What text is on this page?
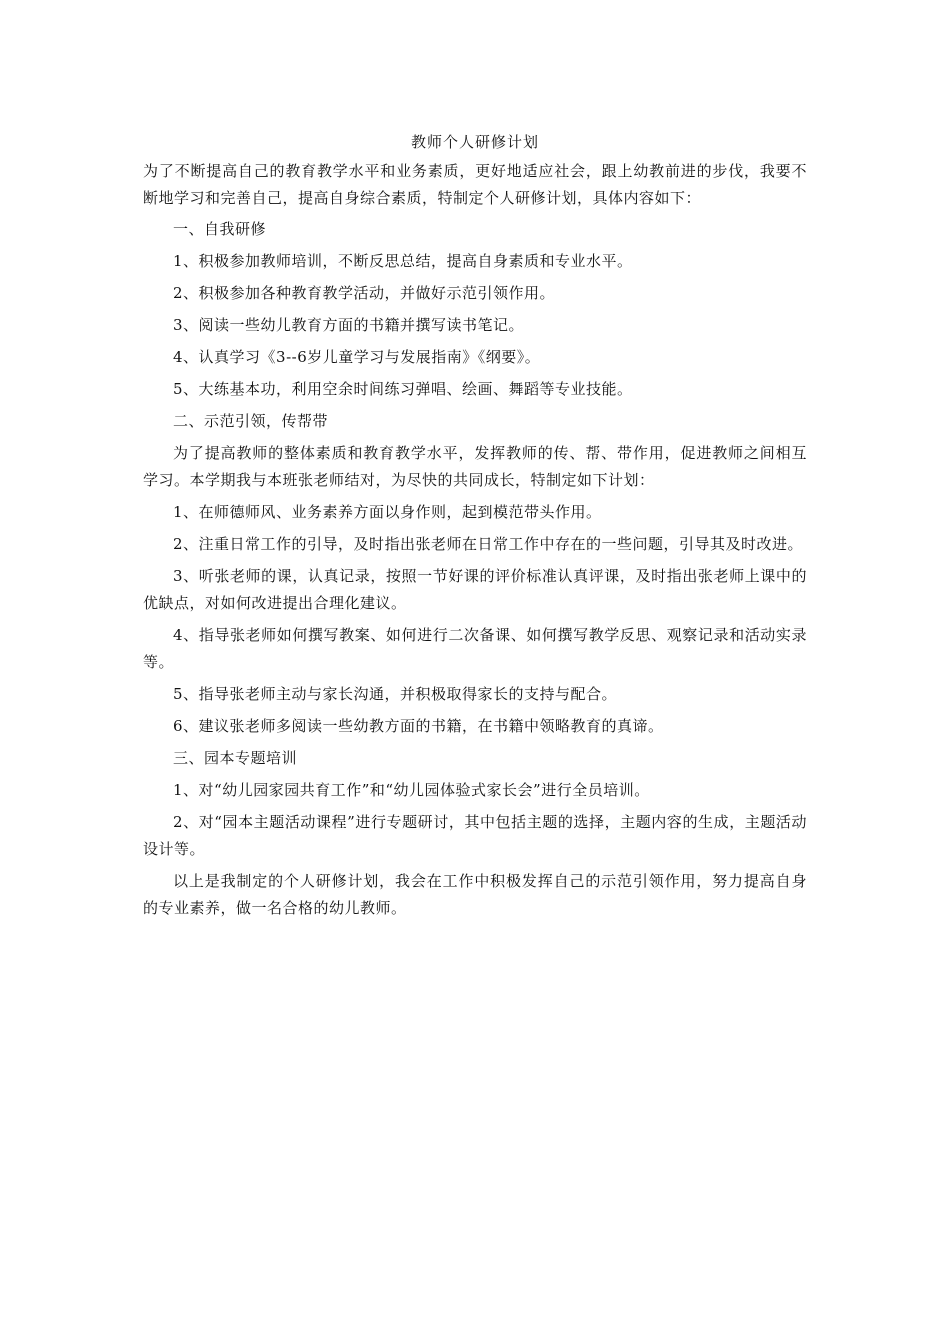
教师个人研修计划
为了不断提高自己的教育教学水平和业务素质，更好地适应社会，跟上幼教前进的步伐，我要不断地学习和完善自己，提高自身综合素质，特制定个人研修计划，具体内容如下：
一、自我研修
1、积极参加教师培训，不断反思总结，提高自身素质和专业水平。
2、积极参加各种教育教学活动，并做好示范引领作用。
3、阅读一些幼儿教育方面的书籍并撰写读书笔记。
4、认真学习《3--6岁儿童学习与发展指南》《纲要》。
5、大练基本功，利用空余时间练习弹唱、绘画、舞蹈等专业技能。
二、示范引领，传帮带
为了提高教师的整体素质和教育教学水平，发挥教师的传、帮、带作用，促进教师之间相互学习。本学期我与本班张老师结对，为尽快的共同成长，特制定如下计划：
1、在师德师风、业务素养方面以身作则，起到模范带头作用。
2、注重日常工作的引导，及时指出张老师在日常工作中存在的一些问题，引导其及时改进。
3、听张老师的课，认真记录，按照一节好课的评价标准认真评课，及时指出张老师上课中的优缺点，对如何改进提出合理化建议。
4、指导张老师如何撰写教案、如何进行二次备课、如何撰写教学反思、观察记录和活动实录等。
5、指导张老师主动与家长沟通，并积极取得家长的支持与配合。
6、建议张老师多阅读一些幼教方面的书籍，在书籍中领略教育的真谛。
三、园本专题培训
1、对“幼儿园家园共育工作”和“幼儿园体验式家长会”进行全员培训。
2、对“园本主题活动课程”进行专题研讨，其中包括主题的选择，主题内容的生成，主题活动设计等。
以上是我制定的个人研修计划，我会在工作中积极发挥自己的示范引领作用，努力提高自身的专业素养，做一名合格的幼儿教师。
